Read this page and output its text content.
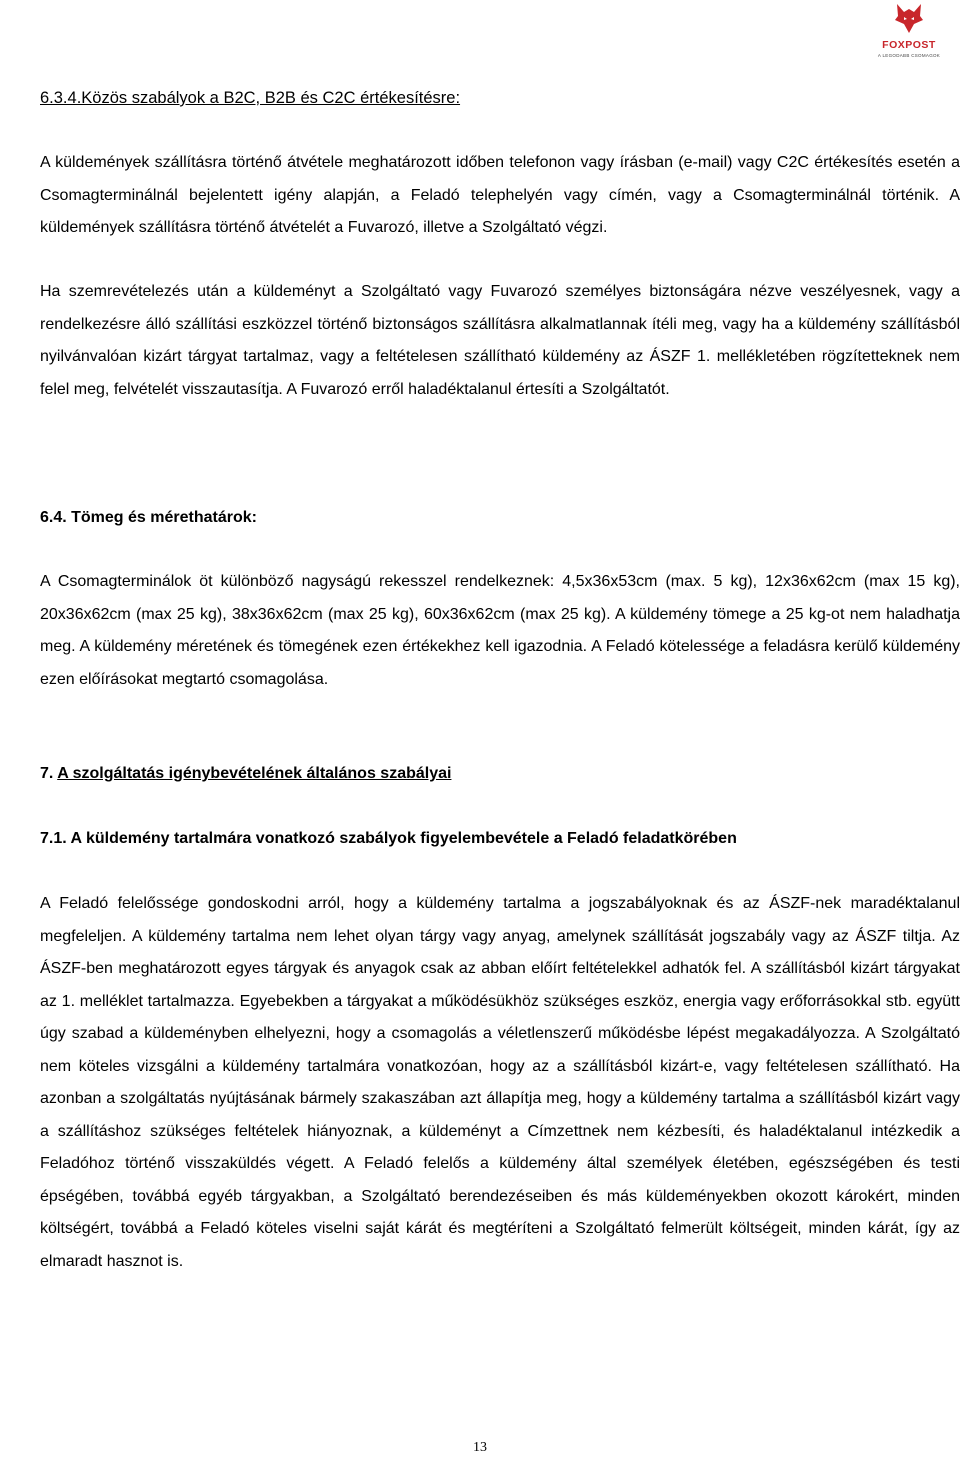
FOXPOST
A LEGODABB CSOMAGOK
6.3.4.Közös szabályok a B2C, B2B és C2C értékesítésre:

A küldemények szállításra történő átvétele meghatározott időben telefonon vagy írásban (e-mail) vagy C2C értékesítés esetén a Csomagterminálnál bejelentett igény alapján, a Feladó telephelyén vagy címén, vagy a Csomagterminálnál történik. A küldemények szállításra történő átvételét a Fuvarozó, illetve a Szolgáltató végzi.

Ha szemrevételezés után a küldeményt a Szolgáltató vagy Fuvarozó személyes biztonságára nézve veszélyesnek, vagy a rendelkezésre álló szállítási eszközzel történő biztonságos szállításra alkalmatlannak ítéli meg, vagy ha a küldemény szállításból nyilvánvalóan kizárt tárgyat tartalmaz, vagy a feltételesen szállítható küldemény az ÁSZF 1. mellékletében rögzítetteknek nem felel meg, felvételét visszautasítja. A Fuvarozó erről haladéktalanul értesíti a Szolgáltatót.

6.4. Tömeg és mérethatárok:

A Csomagterminálok öt különböző nagyságú rekesszel rendelkeznek: 4,5x36x53cm (max. 5 kg), 12x36x62cm (max 15 kg), 20x36x62cm (max 25 kg), 38x36x62cm (max 25 kg), 60x36x62cm (max 25 kg). A küldemény tömege a 25 kg-ot nem haladhatja meg. A küldemény méretének és tömegének ezen értékekhez kell igazodnia. A Feladó kötelessége a feladásra kerülő küldemény ezen előírásokat megtartó csomagolása.

7. A szolgáltatás igénybevételének általános szabályai
7.1. A küldemény tartalmára vonatkozó szabályok figyelembevétele a Feladó feladatkörében

A Feladó felelőssége gondoskodni arról, hogy a küldemény tartalma a jogszabályoknak és az ÁSZF-nek maradéktalanul megfeleljen. A küldemény tartalma nem lehet olyan tárgy vagy anyag, amelynek szállítását jogszabály vagy az ÁSZF tiltja. Az ÁSZF-ben meghatározott egyes tárgyak és anyagok csak az abban előírt feltételekkel adhatók fel. A szállításból kizárt tárgyakat az 1. melléklet tartalmazza. Egyebekben a tárgyakat a működésükhöz szükséges eszköz, energia vagy erőforrásokkal stb. együtt úgy szabad a küldeményben elhelyezni, hogy a csomagolás a véletlenszerű működésbe lépést megakadályozza. A Szolgáltató nem köteles vizsgálni a küldemény tartalmára vonatkozóan, hogy az a szállításból kizárt-e, vagy feltételesen szállítható. Ha azonban a szolgáltatás nyújtásának bármely szakaszában azt állapítja meg, hogy a küldemény tartalma a szállításból kizárt vagy a szállításhoz szükséges feltételek hiányoznak, a küldeményt a Címzettnek nem kézbesíti, és haladéktalanul intézkedik a Feladóhoz történő visszaküldés végett. A Feladó felelős a küldemény által személyek életében, egészségében és testi épségében, továbbá egyéb tárgyakban, a Szolgáltató berendezéseiben és más küldeményekben okozott károkért, minden költségért, továbbá a Feladó köteles viselni saját kárát és megtéríteni a Szolgáltató felmerült költségeit, minden kárát, így az elmaradt hasznot is.

13
